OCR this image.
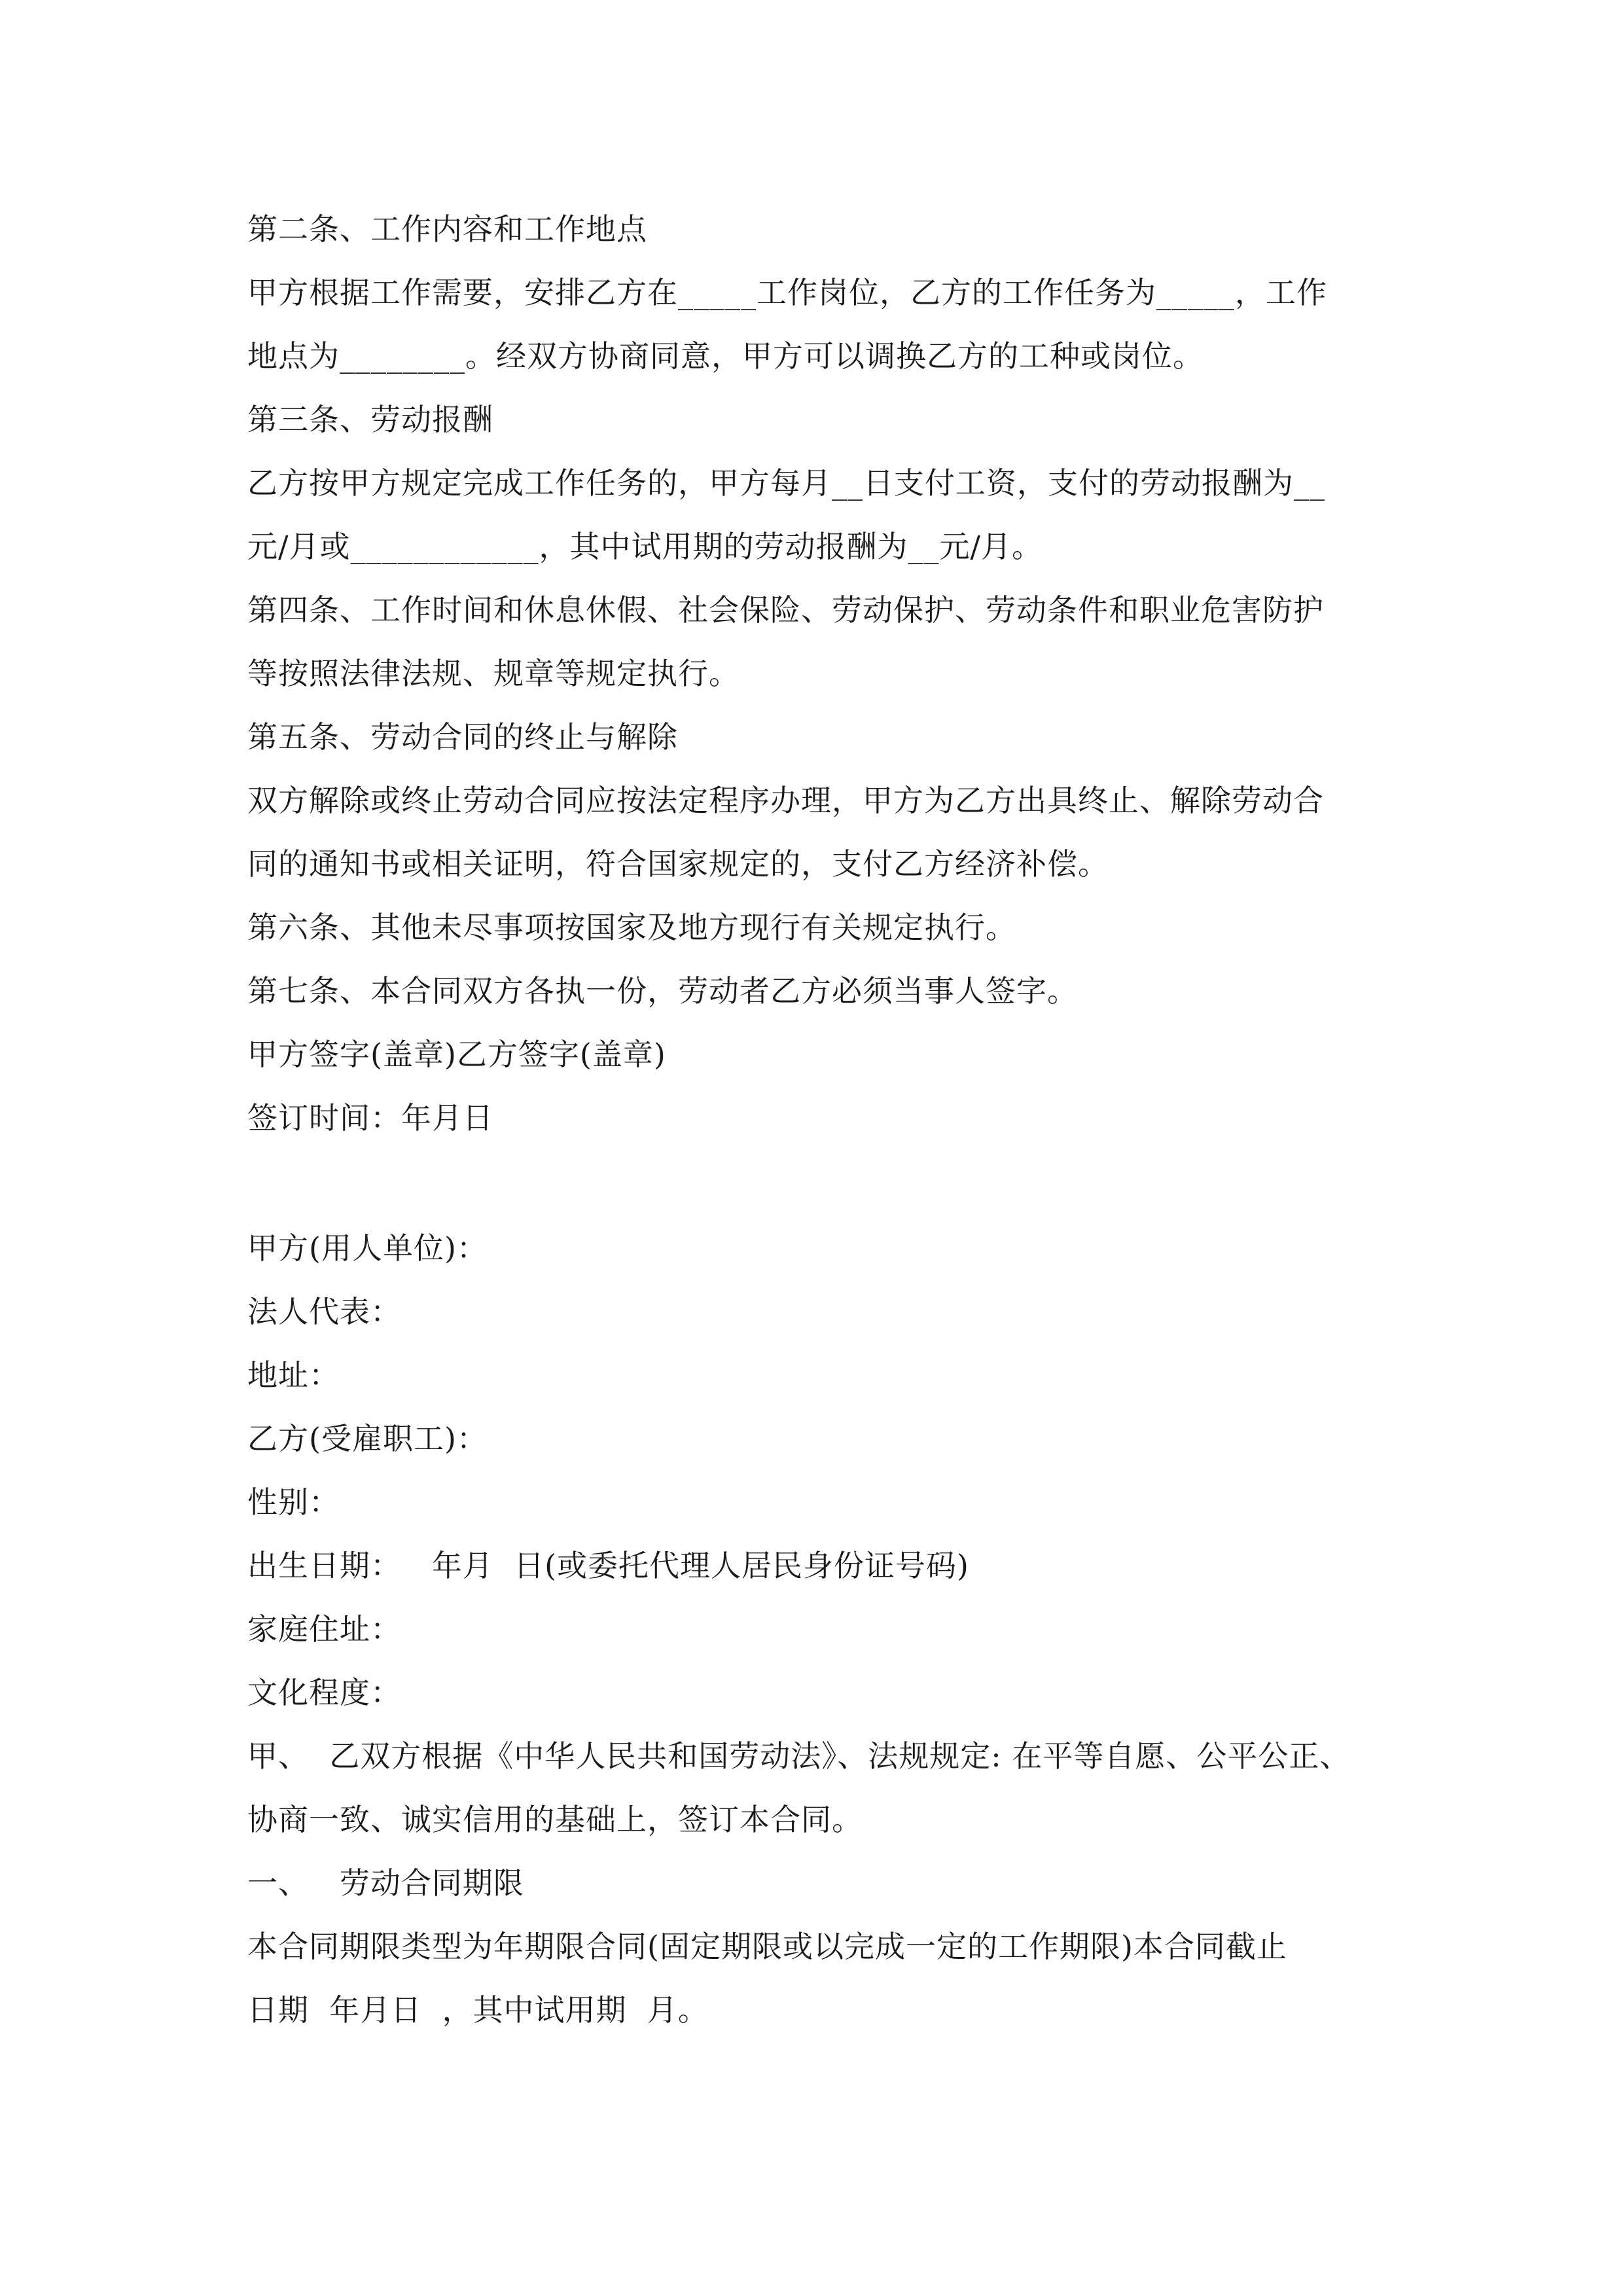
第二条、工作内容和工作地点
甲方根据工作需要，安排乙方在_____工作岗位，乙方的工作任务为_____，工作
地点为________。经双方协商同意，甲方可以调换乙方的工种或岗位。
第三条、劳动报酬
乙方按甲方规定完成工作任务的，甲方每月__日支付工资，支付的劳动报酬为__
元/月或____________，其中试用期的劳动报酬为__元/月。
第四条、工作时间和休息休假、社会保险、劳动保护、劳动条件和职业危害防护
等按照法律法规、规章等规定执行。
第五条、劳动合同的终止与解除
双方解除或终止劳动合同应按法定程序办理，甲方为乙方出具终止、解除劳动合
同的通知书或相关证明，符合国家规定的，支付乙方经济补偿。
第六条、其他未尽事项按国家及地方现行有关规定执行。
第七条、本合同双方各执一份，劳动者乙方必须当事人签字。
甲方签字(盖章)乙方签字(盖章)
签订时间：年月日
甲方(用人单位)：
法人代表：
地址：
乙方(受雇职工)：
性别：
出生日期：   年月  日(或委托代理人居民身份证号码)
家庭住址：
文化程度：
甲、  乙双方根据《中华人民共和国劳动法》、法规规定: 在平等自愿、公平公正、
协商一致、诚实信用的基础上，签订本合同。
一、   劳动合同期限
本合同期限类型为年期限合同(固定期限或以完成一定的工作期限)本合同截止
日期  年月日  ，其中试用期  月。
